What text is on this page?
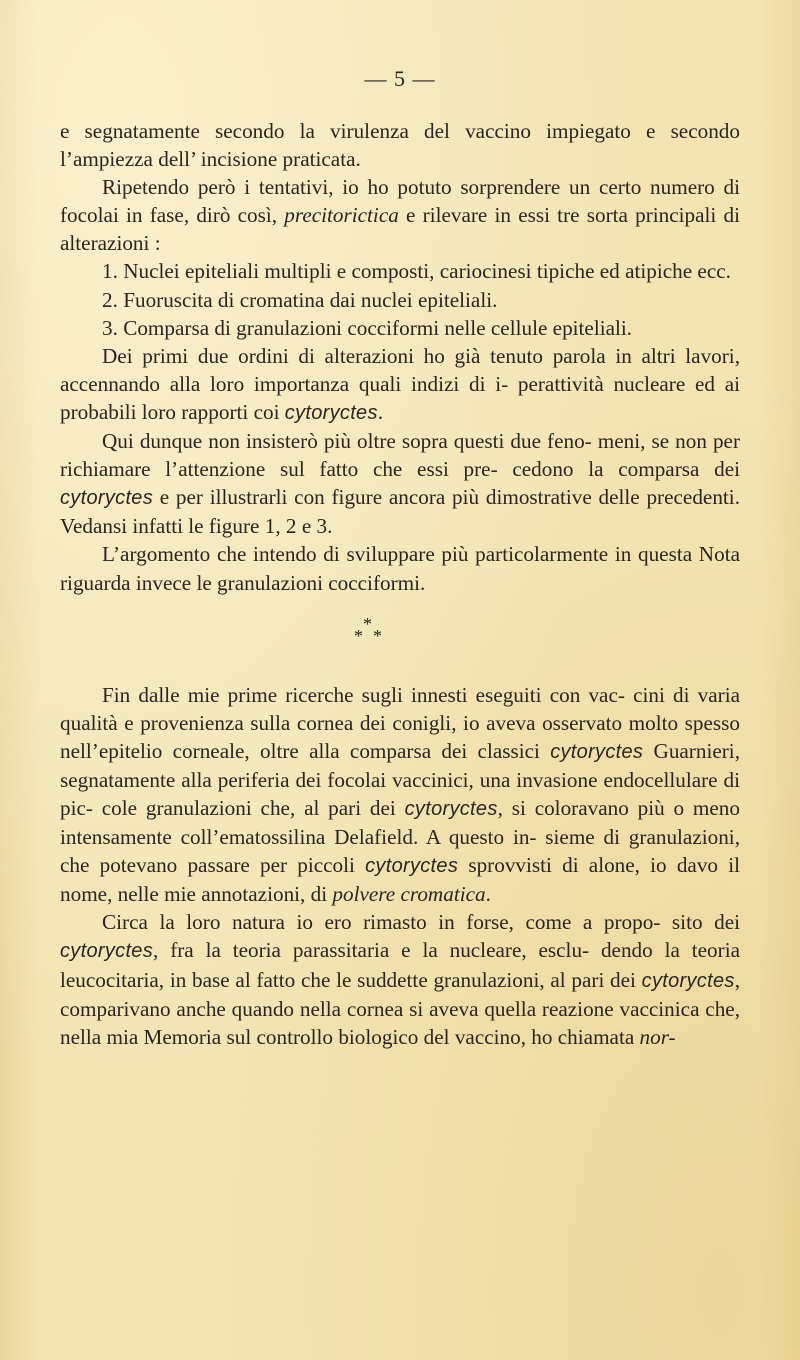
— 5 —

e segnatamente secondo la virulenza del vaccino impiegato e secondo l’ampiezza dell’ incisione praticata.

Ripetendo però i tentativi, io ho potuto sorprendere un certo numero di focolai in fase, dirò così, precitorictica e rilevare in essi tre sorta principali di alterazioni :

1. Nuclei epiteliali multipli e composti, cariocinesi tipiche ed atipiche ecc.

2. Fuoruscita di cromatina dai nuclei epiteliali.

3. Comparsa di granulazioni cocciformi nelle cellule epiteliali.

Dei primi due ordini di alterazioni ho già tenuto parola in altri lavori, accennando alla loro importanza quali indizi di i- perattività nucleare ed ai probabili loro rapporti coi cytoryctes.

Qui dunque non insisterò più oltre sopra questi due feno- meni, se non per richiamare l’attenzione sul fatto che essi pre- cedono la comparsa dei cytoryctes e per illustrarli con figure ancora più dimostrative delle precedenti. Vedansi infatti le figure 1, 2 e 3.

L’argomento che intendo di sviluppare più particolarmente in questa Nota riguarda invece le granulazioni cocciformi.

*
* *

Fin dalle mie prime ricerche sugli innesti eseguiti con vac- cini di varia qualità e provenienza sulla cornea dei conigli, io aveva osservato molto spesso nell’epitelio corneale, oltre alla comparsa dei classici cytoryctes Guarnieri, segnatamente alla periferia dei focolai vaccinici, una invasione endocellulare di pic- cole granulazioni che, al pari dei cytoryctes, si coloravano più o meno intensamente coll’ematossilina Delafield. A questo in- sieme di granulazioni, che potevano passare per piccoli cytoryctes sprovvisti di alone, io davo il nome, nelle mie annotazioni, di polvere cromatica.

Circa la loro natura io ero rimasto in forse, come a propo- sito dei cytoryctes, fra la teoria parassitaria e la nucleare, esclu- dendo la teoria leucocitaria, in base al fatto che le suddette granulazioni, al pari dei cytoryctes, comparivano anche quando nella cornea si aveva quella reazione vaccinica che, nella mia Memoria sul controllo biologico del vaccino, ho chiamata nor-
